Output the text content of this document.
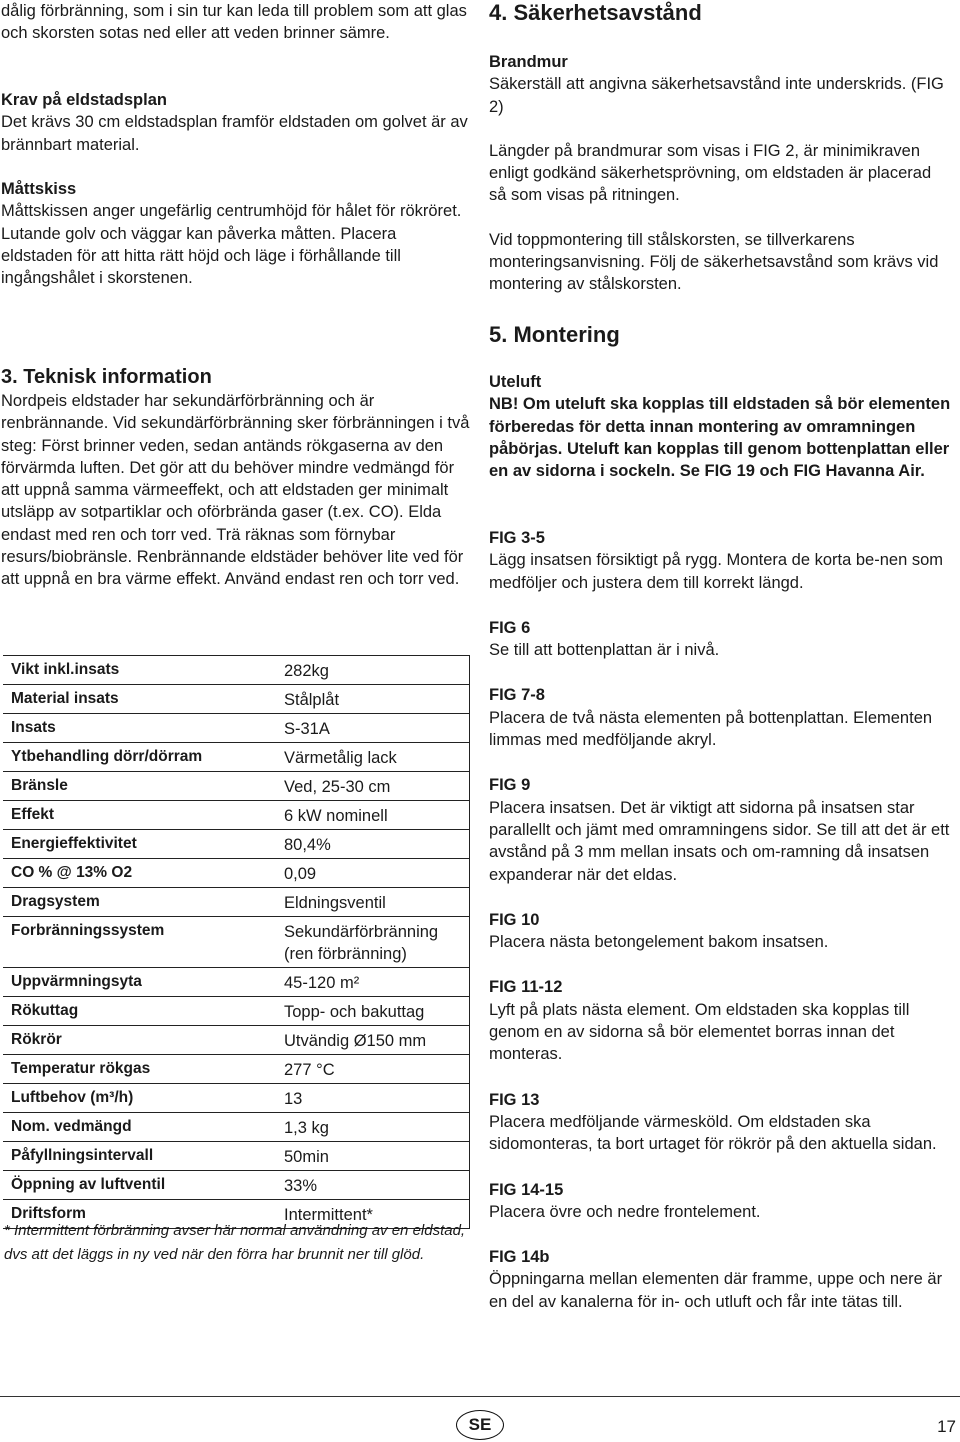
dålig förbränning, som i sin tur kan leda till problem som att glas och skorsten sotas ned eller att veden brinner sämre.

Krav på eldstadsplan

Det krävs 30 cm eldstadsplan framför eldstaden om golvet är av brännbart material.

Måttskiss

Måttskissen anger ungefärlig centrumhöjd för hålet för rökröret. Lutande golv och väggar kan påverka måtten. Placera eldstaden för att hitta rätt höjd och läge i förhållande till ingångshålet i skorstenen.

3. Teknisk information

Nordpeis eldstader har sekundärförbränning och är renbrännande. Vid sekundärförbränning sker förbränningen i två steg: Först brinner veden, sedan antänds rökgaserna av den förvärmda luften. Det gör att du behöver mindre vedmängd för att uppnå samma värmeeffekt, och att eldstaden ger minimalt utsläpp av sotpartiklar och oförbrända gaser (t.ex. CO). Elda endast med ren och torr ved. Trä räknas som förnybar resurs/biobränsle. Renbrännande eldstäder behöver lite ved för att uppnå en bra värme effekt. Använd endast ren och torr ved.

Vikt inkl.insats	282kg
Material insats	Stålplåt
Insats	S-31A
Ytbehandling dörr/dörram	Värmetålig lack
Bränsle	Ved, 25-30 cm
Effekt	6 kW nominell
Energieffektivitet	80,4%
CO % @ 13% O2	0,09
Dragsystem	Eldningsventil
Forbränningssystem	Sekundärförbränning (ren förbränning)
Uppvärmningsyta	45-120 m²
Rökuttag	Topp- och bakuttag
Rökrör	Utvändig Ø150 mm
Temperatur rökgas	277 °C
Luftbehov (m³/h)	13
Nom. vedmängd	1,3 kg
Påfyllningsintervall	50min
Öppning av luftventil	33%
Driftsform	Intermittent*

* Intermittent förbränning avser här normal användning av en eldstad, dvs att det läggs in ny ved när den förra har brunnit ner till glöd.

4. Säkerhetsavstånd

Brandmur

Säkerställ att angivna säkerhetsavstånd inte underskrids. (FIG 2)

Längder på brandmurar som visas i FIG 2, är minimikraven enligt godkänd säkerhetsprövning, om eldstaden är placerad så som visas på ritningen.

Vid toppmontering till stålskorsten, se tillverkarens monteringsanvisning. Följ de säkerhetsavstånd som krävs vid montering av stålskorsten.

5. Montering

Uteluft

NB! Om uteluft ska kopplas till eldstaden så bör elementen förberedas för detta innan montering av omramningen påbörjas. Uteluft kan kopplas till genom bottenplattan eller en av sidorna i sockeln. Se FIG 19 och FIG Havanna Air.

FIG 3-5

Lägg insatsen försiktigt på rygg. Montera de korta be-nen som medföljer och justera dem till korrekt längd.

FIG 6

Se till att bottenplattan är i nivå.

FIG 7-8

Placera de två nästa elementen på bottenplattan. Elementen limmas med medföljande akryl.

FIG 9

Placera insatsen. Det är viktigt att sidorna på insatsen star parallellt och jämt med omramningens sidor. Se till att det är ett avstånd på 3 mm mellan insats och om-ramning då insatsen expanderar när det eldas.

FIG 10

Placera nästa betongelement bakom insatsen.

FIG 11-12

Lyft på plats nästa element. Om eldstaden ska kopplas till genom en av sidorna så bör elementet borras innan det monteras.

FIG 13

Placera medföljande värmesköld. Om eldstaden ska sidomonteras, ta bort urtaget för rökrör på den aktuella sidan.

FIG 14-15

Placera övre och nedre frontelement.

FIG 14b

Öppningarna mellan elementen där framme, uppe och nere är en del av kanalerna för in- och utluft och får inte tätas till.

SE	17
